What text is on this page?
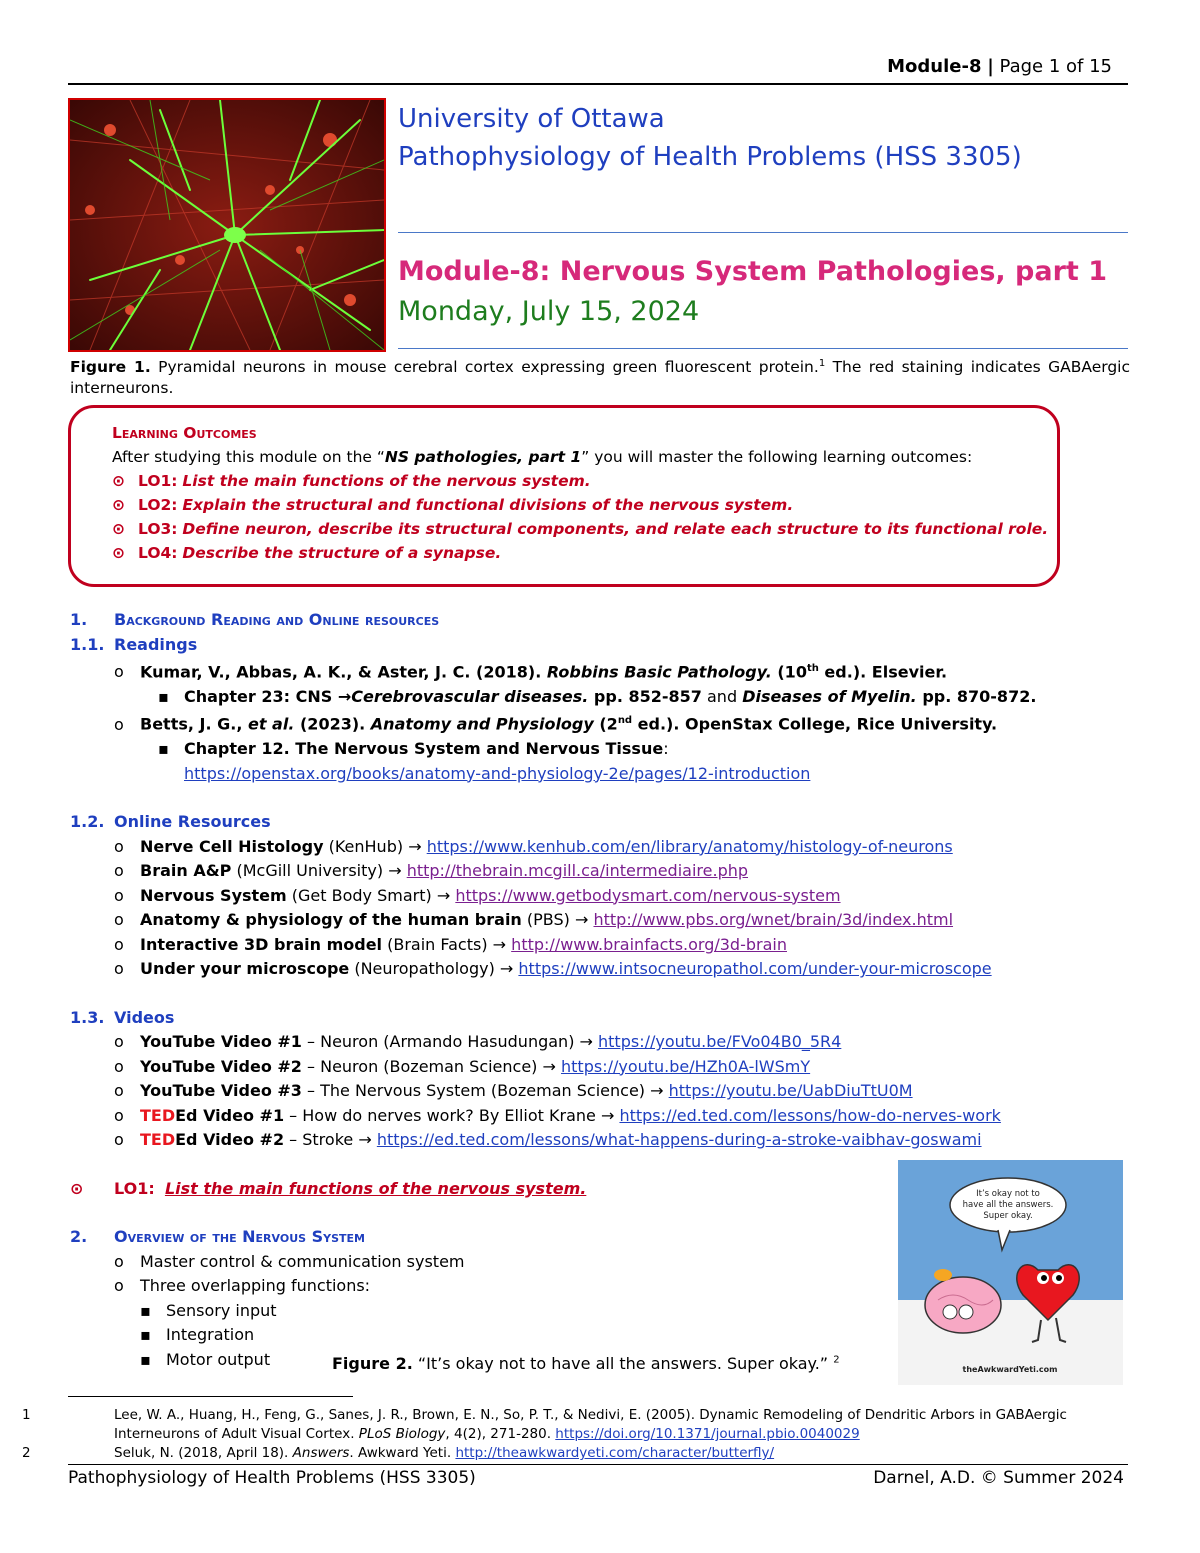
Module-8 | Page 1 of 15
University of Ottawa
Pathophysiology of Health Problems (HSS 3305)
Module-8: Nervous System Pathologies, part 1
Monday, July 15, 2024
Figure 1. Pyramidal neurons in mouse cerebral cortex expressing green fluorescent protein.$^1$ The red staining indicates GABAergic interneurons.
Learning Outcomes
After studying this module on the “NS pathologies, part 1” you will master the following learning outcomes:
⊙ LO1: List the main functions of the nervous system.
⊙ LO2: Explain the structural and functional divisions of the nervous system.
⊙ LO3: Define neuron, describe its structural components, and relate each structure to its functional role.
⊙ LO4: Describe the structure of a synapse.
1. Background Reading and Online resources
1.1. Readings
o Kumar, V., Abbas, A. K., & Aster, J. C. (2018). Robbins Basic Pathology. (10th ed.). Elsevier.
▪ Chapter 23: CNS →Cerebrovascular diseases. pp. 852-857 and Diseases of Myelin. pp. 870-872.
o Betts, J. G., et al. (2023). Anatomy and Physiology (2nd ed.). OpenStax College, Rice University.
▪ Chapter 12. The Nervous System and Nervous Tissue:
https://openstax.org/books/anatomy-and-physiology-2e/pages/12-introduction
1.2. Online Resources
o Nerve Cell Histology (KenHub) → https://www.kenhub.com/en/library/anatomy/histology-of-neurons
o Brain A&P (McGill University) → http://thebrain.mcgill.ca/intermediaire.php
o Nervous System (Get Body Smart) → https://www.getbodysmart.com/nervous-system
o Anatomy & physiology of the human brain (PBS) → http://www.pbs.org/wnet/brain/3d/index.html
o Interactive 3D brain model (Brain Facts) → http://www.brainfacts.org/3d-brain
o Under your microscope (Neuropathology) → https://www.intsocneuropathol.com/under-your-microscope
1.3. Videos
o YouTube Video #1 – Neuron (Armando Hasudungan) → https://youtu.be/FVo04B0_5R4
o YouTube Video #2 – Neuron (Bozeman Science) → https://youtu.be/HZh0A-lWSmY
o YouTube Video #3 – The Nervous System (Bozeman Science) → https://youtu.be/UabDiuTtU0M
o TEDEd Video #1 – How do nerves work? By Elliot Krane → https://ed.ted.com/lessons/how-do-nerves-work
o TEDEd Video #2 – Stroke → https://ed.ted.com/lessons/what-happens-during-a-stroke-vaibhav-goswami
⊙ LO1: List the main functions of the nervous system.
2. Overview of the Nervous System
o Master control & communication system
o Three overlapping functions:
▪ Sensory input
▪ Integration
▪ Motor output	Figure 2. “It’s okay not to have all the answers. Super okay.” $^2$
It’s okay not to
have all the answers.
Super okay.
theAwkwardYeti.com
1	Lee, W. A., Huang, H., Feng, G., Sanes, J. R., Brown, E. N., So, P. T., & Nedivi, E. (2005). Dynamic Remodeling of Dendritic Arbors in GABAergic Interneurons of Adult Visual Cortex. PLoS Biology, 4(2), 271-280. https://doi.org/10.1371/journal.pbio.0040029
2	Seluk, N. (2018, April 18). Answers. Awkward Yeti. http://theawkwardyeti.com/character/butterfly/
Pathophysiology of Health Problems (HSS 3305)	Darnel, A.D. © Summer 2024
